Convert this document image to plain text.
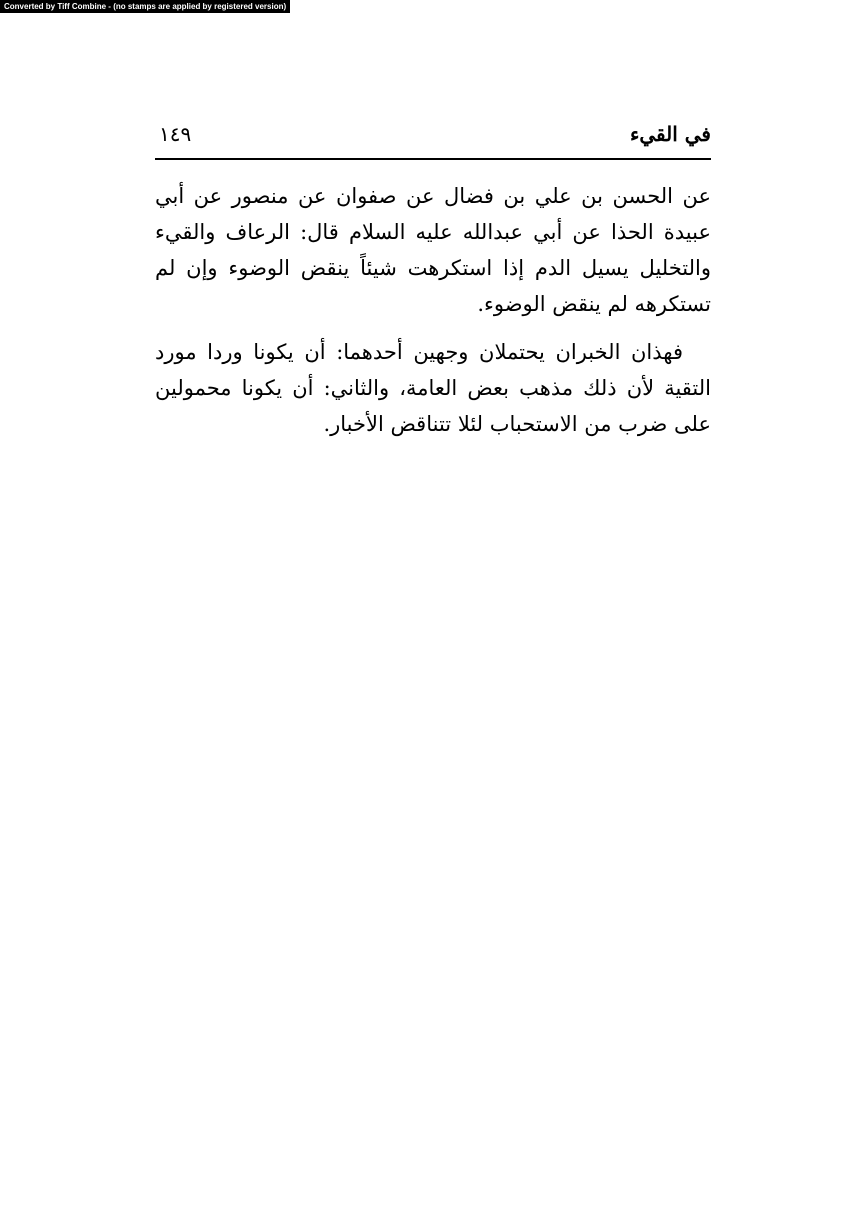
Converted by Tiff Combine - (no stamps are applied by registered version)
في القيء
١٤٩

عن الحسن بن علي بن فضال عن صفوان عن منصور عن أبي عبيدة الحذا عن أبي عبدالله عليه السلام قال: الرعاف والقيء والتخليل يسيل الدم إذا استكرهت شيئاً ينقض الوضوء وإن لم تستكرهه لم ينقض الوضوء.

فهذان الخبران يحتملان وجهين أحدهما: أن يكونا وردا مورد التقية لأن ذلك مذهب بعض العامة، والثاني: أن يكونا محمولين على ضرب من الاستحباب لئلا تتناقض الأخبار.
